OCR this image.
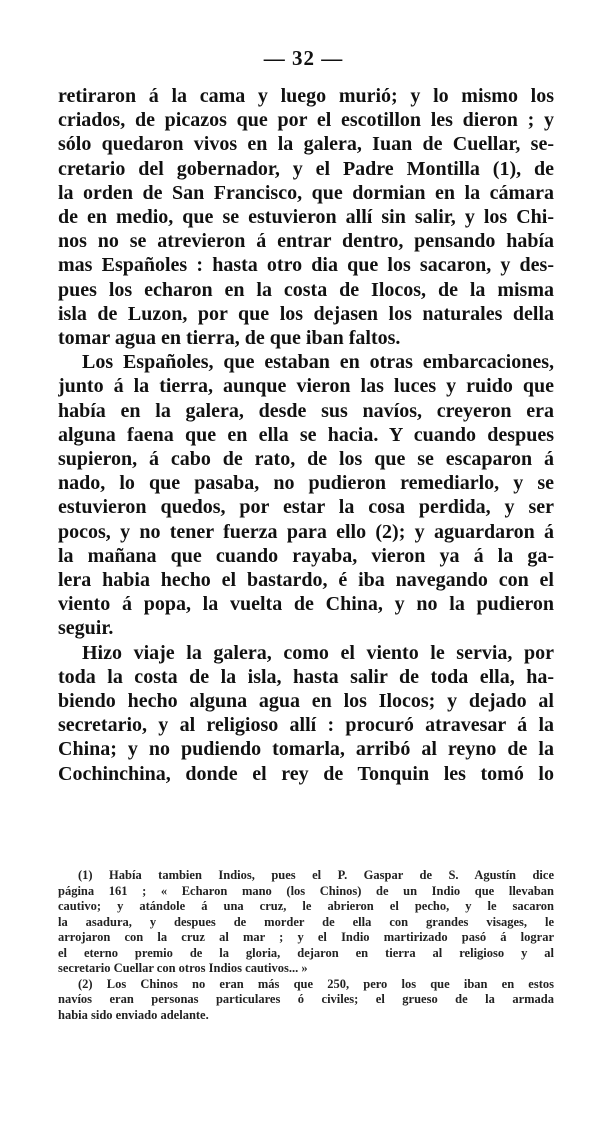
— 32 —
retiraron á la cama y luego murió; y lo mismo los
criados, de picazos que por el escotillon les dieron ; y
sólo quedaron vivos en la galera, Iuan de Cuellar, se-
cretario del gobernador, y el Padre Montilla (1), de
la orden de San Francisco, que dormian en la cámara
de en medio, que se estuvieron allí sin salir, y los Chi-
nos no se atrevieron á entrar dentro, pensando había
mas Españoles : hasta otro dia que los sacaron, y des-
pues los echaron en la costa de Ilocos, de la misma
isla de Luzon, por que los dejasen los naturales della
tomar agua en tierra, de que iban faltos.
Los Españoles, que estaban en otras embarcaciones,
junto á la tierra, aunque vieron las luces y ruido que
había en la galera, desde sus navíos, creyeron era
alguna faena que en ella se hacia. Y cuando despues
supieron, á cabo de rato, de los que se escaparon á
nado, lo que pasaba, no pudieron remediarlo, y se
estuvieron quedos, por estar la cosa perdida, y ser
pocos, y no tener fuerza para ello (2); y aguardaron á
la mañana que cuando rayaba, vieron ya á la ga-
lera habia hecho el bastardo, é iba navegando con el
viento á popa, la vuelta de China, y no la pudieron
seguir.
Hizo viaje la galera, como el viento le servia, por
toda la costa de la isla, hasta salir de toda ella, ha-
biendo hecho alguna agua en los Ilocos; y dejado al
secretario, y al religioso allí : procuró atravesar á la
China; y no pudiendo tomarla, arribó al reyno de la
Cochinchina, donde el rey de Tonquin les tomó lo
(1) Había tambien Indios, pues el P. Gaspar de S. Agustín dice
página 161 ; « Echaron mano (los Chinos) de un Indio que llevaban
cautivo; y atándole á una cruz, le abrieron el pecho, y le sacaron
la asadura, y despues de morder de ella con grandes visages, le
arrojaron con la cruz al mar ; y el Indio martirizado pasó á lograr
el eterno premio de la gloria, dejaron en tierra al religioso y al
secretario Cuellar con otros Indios cautivos... »
(2) Los Chinos no eran más que 250, pero los que iban en estos
navíos eran personas particulares ó civiles; el grueso de la armada
habia sido enviado adelante.
